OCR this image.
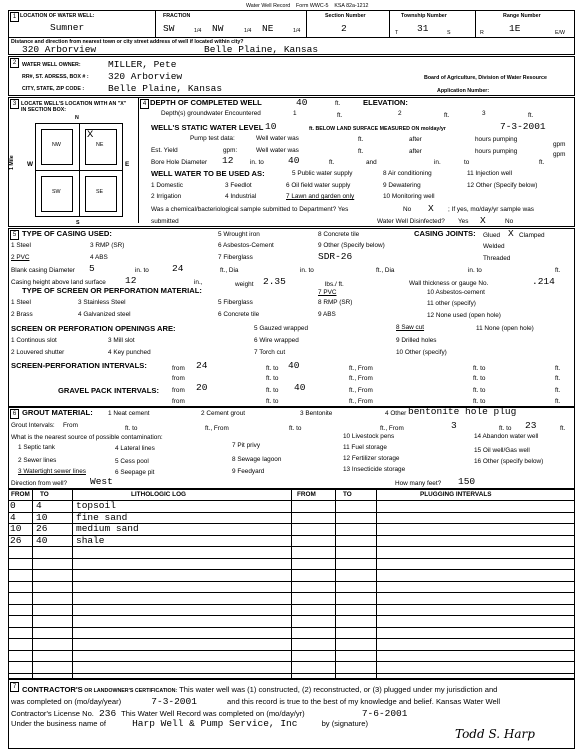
1 LOCATION OF WATER WELL:
Sumner
FRACTION
SW	1/4 NW	1/4 NE	1/4
Water Well Record Form WWC-5 KSA 82a-1212
Section Number
2
Township Number
T 31	S
Range Number
R	1E	E/W
Distance and direction from nearest town or city street address of well if located within city?
320 Arborview	Belle Plaine, Kansas
2	WATER WELL OWNER:	MILLER, Pete
RR#, ST. ADRESS, BOX # : 320 Arborview
CITY, STATE, ZIP CODE :	Belle Plaine, Kansas
Board of Agriculture, Division of Water Resource
Application Number:
3 LOCATE WELL'S LOCATION WITH AN "X" IN SECTION BOX:
N
S
W	E
NW	NE
SW	SE
X
1 Mile
4 DEPTH OF COMPLETED WELL	40	ft.	ELEVATION:
Depth(s) groundwater Encountered	1	ft.	2	ft.	3	ft.
WELL'S STATIC WATER LEVEL 10	ft. BELOW LAND SURFACE MEASURED ON mo/day/yr	7-3-2001
Pump test data:	Well water was	ft.	after	hours pumping
gpm
Est. Yield	gpm:	Well water was	ft.	after	hours pumping	gpm
Bore Hole Diameter 12	in. to	40	ft.	and	in.	to	ft.
WELL WATER TO BE USED AS:
1 Domestic
2 Irrigation
3 Feedlot
4 Industrial
5 Public water supply
6 Oil field water supply
7 Lawn and garden only
8 Air conditioning
9 Dewatering
10 Monitoring well
11 Injection well
12 Other (Specify below)
Was a chemical/bacteriological sample submitted to Department? Yes	No X ; If yes, mo/day/yr sample was
submitted	Water Well Disinfected? Yes X	No
5 TYPE OF CASING USED:
1 Steel
2 PVC
3 RMP (SR)
4 ABS
5 Wrought iron
6 Asbestos-Cement
7 Fiberglass
8 Concrete tile
9 Other (Specify below)
SDR-26
CASING JOINTS: Glued X Clamped
Welded
Threaded
Blank casing Diameter 5	in. to 24	ft., Dia	in. to	ft., Dia	in. to	ft.
Casing height above land surface 12	in.,	weight 2.35	lbs./ ft.	Wall thickness or gauge No.	.214
TYPE OF SCREEN OR PERFORATION MATERIAL:
1 Steel
2 Brass
3 Stainless Steel
4 Galvanized steel
5 Fiberglass
6 Concrete tile
7 PVC
8 RMP (SR)
9 ABS
10 Asbestos-cement
11 other (specify)
12 None used (open hole)
SCREEN OR PERFORATION OPENINGS ARE:
1 Continous slot
2 Louvered shutter
3 Mill slot
4 Key punched
5 Gauzed wrapped
6 Wire wrapped
7 Torch cut
8 Saw cut
9 Drilled holes
10 Other (specify)
11 None (open hole)
SCREEN-PERFORATION INTERVALS:	from 24	ft. to 40	ft., From	ft. to	ft.
from	ft. to	ft., From	ft. to	ft.
GRAVEL PACK INTERVALS: from 20	ft. to 40	ft., From	ft. to	ft.
from	ft. to	ft., From	ft. to	ft.
6 GROUT MATERIAL: 1 Neat cement	2 Cement grout	3 Bentonite	4 Other bentonite hole plug
Grout Intervals: From	ft. to	ft., From	ft. to	ft., From	3	ft. to 23	ft.
What is the nearest source of possible contamination:
1 Septic tank
2 Sewer lines
3 Watertight sewer lines
4 Lateral lines
5 Cess pool
6 Seepage pit
7 Pit privy
8 Sewage lagoon
9 Feedyard
10 Livestock pens
11 Fuel storage
12 Fertilizer storage
13 Insecticide storage
14 Abandon water well
15 Oil well/Gas well
16 Other (specify below)
Direction from well? West	How many feet? 150
FROM TO	LITHOLOGIC LOG	FROM	TO	PLUGGING INTERVALS
0 4	topsoil
4 10	fine sand
10 26	medium sand
26 40	shale
7 CONTRACTOR'S OR LANDOWNER'S CERTIFICATION: This water well was (1) constructed, (2) reconstructed, or (3) plugged under my jurisdiction and
was completed on (mo/day/year)	7-3-2001	and this record is true to the best of my knowledge and belief. Kansas Water Well
Contractor's License No. 236 This Water Well Record was completed on (mo/day/yr)	7-6-2001
Under the business name of	Harp Well & Pump Service, Inc	by (signature)
Todd S. Harp
